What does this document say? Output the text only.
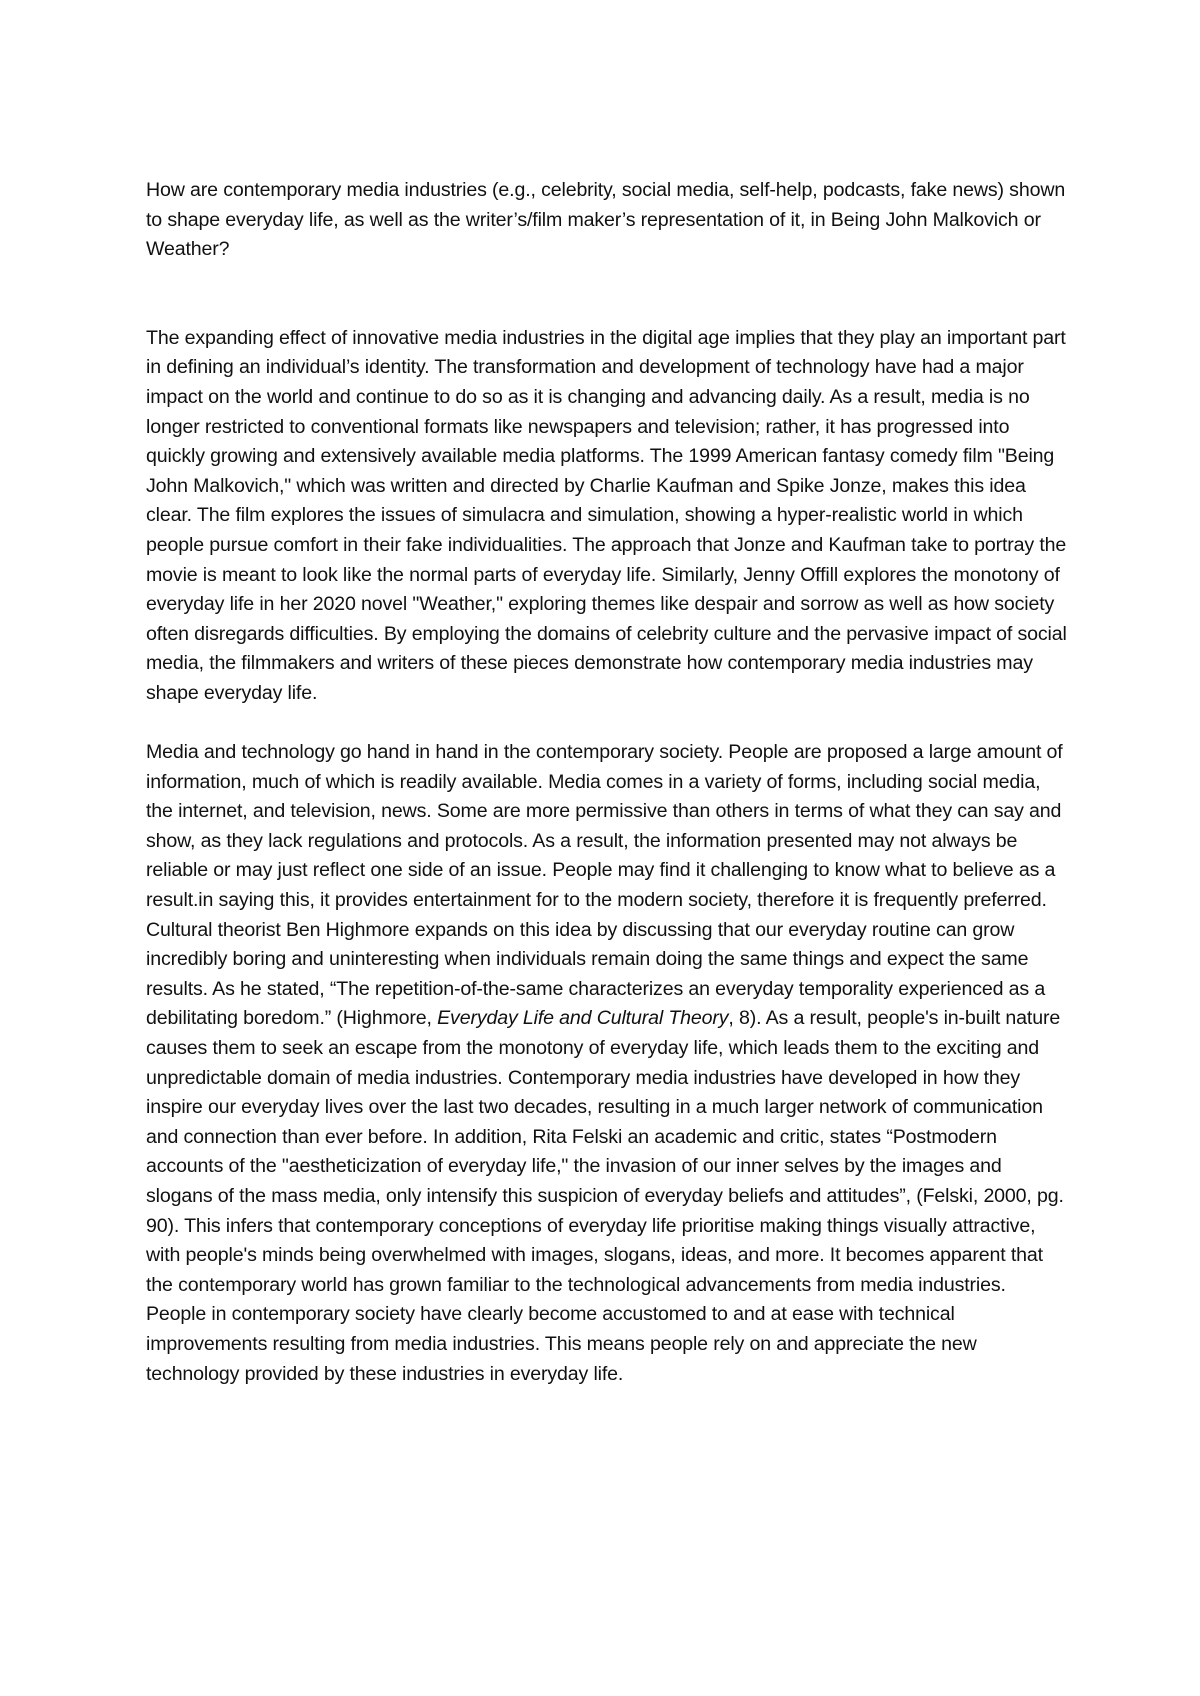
How are contemporary media industries (e.g., celebrity, social media, self-help, podcasts, fake news) shown to shape everyday life, as well as the writer’s/film maker’s representation of it, in Being John Malkovich or Weather?

The expanding effect of innovative media industries in the digital age implies that they play an important part in defining an individual’s identity. The transformation and development of technology have had a major impact on the world and continue to do so as it is changing and advancing daily. As a result, media is no longer restricted to conventional formats like newspapers and television; rather, it has progressed into quickly growing and extensively available media platforms. The 1999 American fantasy comedy film "Being John Malkovich," which was written and directed by Charlie Kaufman and Spike Jonze, makes this idea clear. The film explores the issues of simulacra and simulation, showing a hyper-realistic world in which people pursue comfort in their fake individualities. The approach that Jonze and Kaufman take to portray the movie is meant to look like the normal parts of everyday life. Similarly, Jenny Offill explores the monotony of everyday life in her 2020 novel "Weather," exploring themes like despair and sorrow as well as how society often disregards difficulties. By employing the domains of celebrity culture and the pervasive impact of social media, the filmmakers and writers of these pieces demonstrate how contemporary media industries may shape everyday life.

Media and technology go hand in hand in the contemporary society. People are proposed a large amount of information, much of which is readily available. Media comes in a variety of forms, including social media, the internet, and television, news. Some are more permissive than others in terms of what they can say and show, as they lack regulations and protocols. As a result, the information presented may not always be reliable or may just reflect one side of an issue. People may find it challenging to know what to believe as a result.in saying this, it provides entertainment for to the modern society, therefore it is frequently preferred. Cultural theorist Ben Highmore expands on this idea by discussing that our everyday routine can grow incredibly boring and uninteresting when individuals remain doing the same things and expect the same results. As he stated, “The repetition-of-the-same characterizes an everyday temporality experienced as a debilitating boredom.” (Highmore, Everyday Life and Cultural Theory, 8). As a result, people's in-built nature causes them to seek an escape from the monotony of everyday life, which leads them to the exciting and unpredictable domain of media industries. Contemporary media industries have developed in how they inspire our everyday lives over the last two decades, resulting in a much larger network of communication and connection than ever before. In addition, Rita Felski an academic and critic, states “Postmodern accounts of the "aestheticization of everyday life," the invasion of our inner selves by the images and slogans of the mass media, only intensify this suspicion of everyday beliefs and attitudes”, (Felski, 2000, pg. 90). This infers that contemporary conceptions of everyday life prioritise making things visually attractive, with people's minds being overwhelmed with images, slogans, ideas, and more. It becomes apparent that the contemporary world has grown familiar to the technological advancements from media industries. People in contemporary society have clearly become accustomed to and at ease with technical improvements resulting from media industries. This means people rely on and appreciate the new technology provided by these industries in everyday life.
